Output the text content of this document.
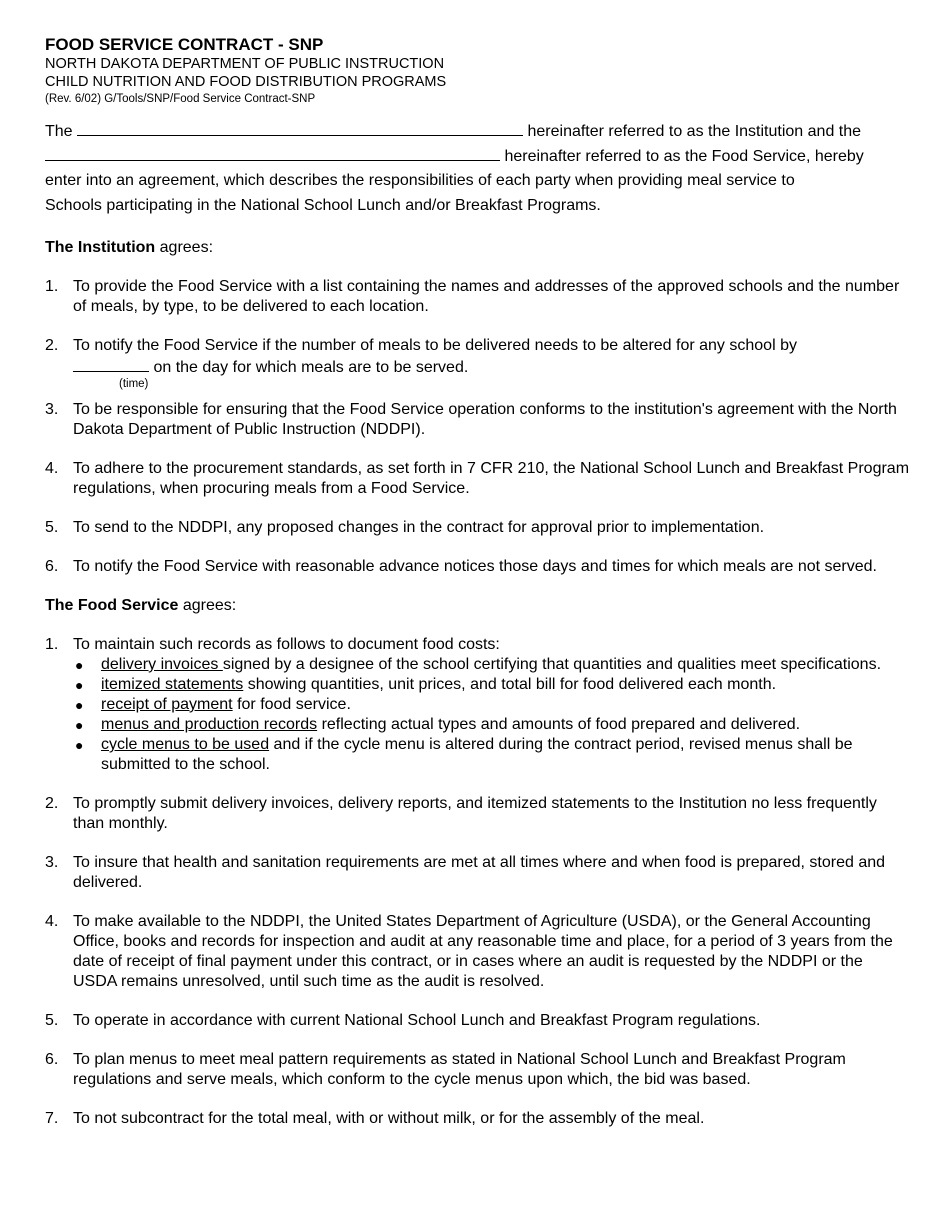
FOOD SERVICE CONTRACT - SNP

NORTH DAKOTA DEPARTMENT OF PUBLIC INSTRUCTION

CHILD NUTRITION AND FOOD DISTRIBUTION PROGRAMS

(Rev. 6/02) G/Tools/SNP/Food Service Contract-SNP

The	hereinafter referred to as the Institution and the
hereinafter referred to as the Food Service, hereby
enter into an agreement, which describes the responsibilities of each party when providing meal service to
Schools participating in the National School Lunch and/or Breakfast Programs.
The Institution agrees:
1. To provide the Food Service with a list containing the names and addresses of the approved schools and the number of meals, by type, to be delivered to each location.
2. To notify the Food Service if the number of meals to be delivered needs to be altered for any school by
on the day for which meals are to be served.
(time)
3. To be responsible for ensuring that the Food Service operation conforms to the institution's agreement with the North Dakota Department of Public Instruction (NDDPI).
4. To adhere to the procurement standards, as set forth in 7 CFR 210, the National School Lunch and Breakfast Program regulations, when procuring meals from a Food Service.
5. To send to the NDDPI, any proposed changes in the contract for approval prior to implementation.
6. To notify the Food Service with reasonable advance notices those days and times for which meals are not served.
The Food Service agrees:
1. To maintain such records as follows to document food costs:
● delivery invoices signed by a designee of the school certifying that quantities and qualities meet specifications.
● itemized statements showing quantities, unit prices, and total bill for food delivered each month.
● receipt of payment for food service.
● menus and production records reflecting actual types and amounts of food prepared and delivered.
● cycle menus to be used and if the cycle menu is altered during the contract period, revised menus shall be submitted to the school.
2. To promptly submit delivery invoices, delivery reports, and itemized statements to the Institution no less frequently than monthly.
3. To insure that health and sanitation requirements are met at all times where and when food is prepared, stored and delivered.
4. To make available to the NDDPI, the United States Department of Agriculture (USDA), or the General Accounting Office, books and records for inspection and audit at any reasonable time and place, for a period of 3 years from the date of receipt of final payment under this contract, or in cases where an audit is requested by the NDDPI or the USDA remains unresolved, until such time as the audit is resolved.
5. To operate in accordance with current National School Lunch and Breakfast Program regulations.
6. To plan menus to meet meal pattern requirements as stated in National School Lunch and Breakfast Program regulations and serve meals, which conform to the cycle menus upon which, the bid was based.
7. To not subcontract for the total meal, with or without milk, or for the assembly of the meal.
